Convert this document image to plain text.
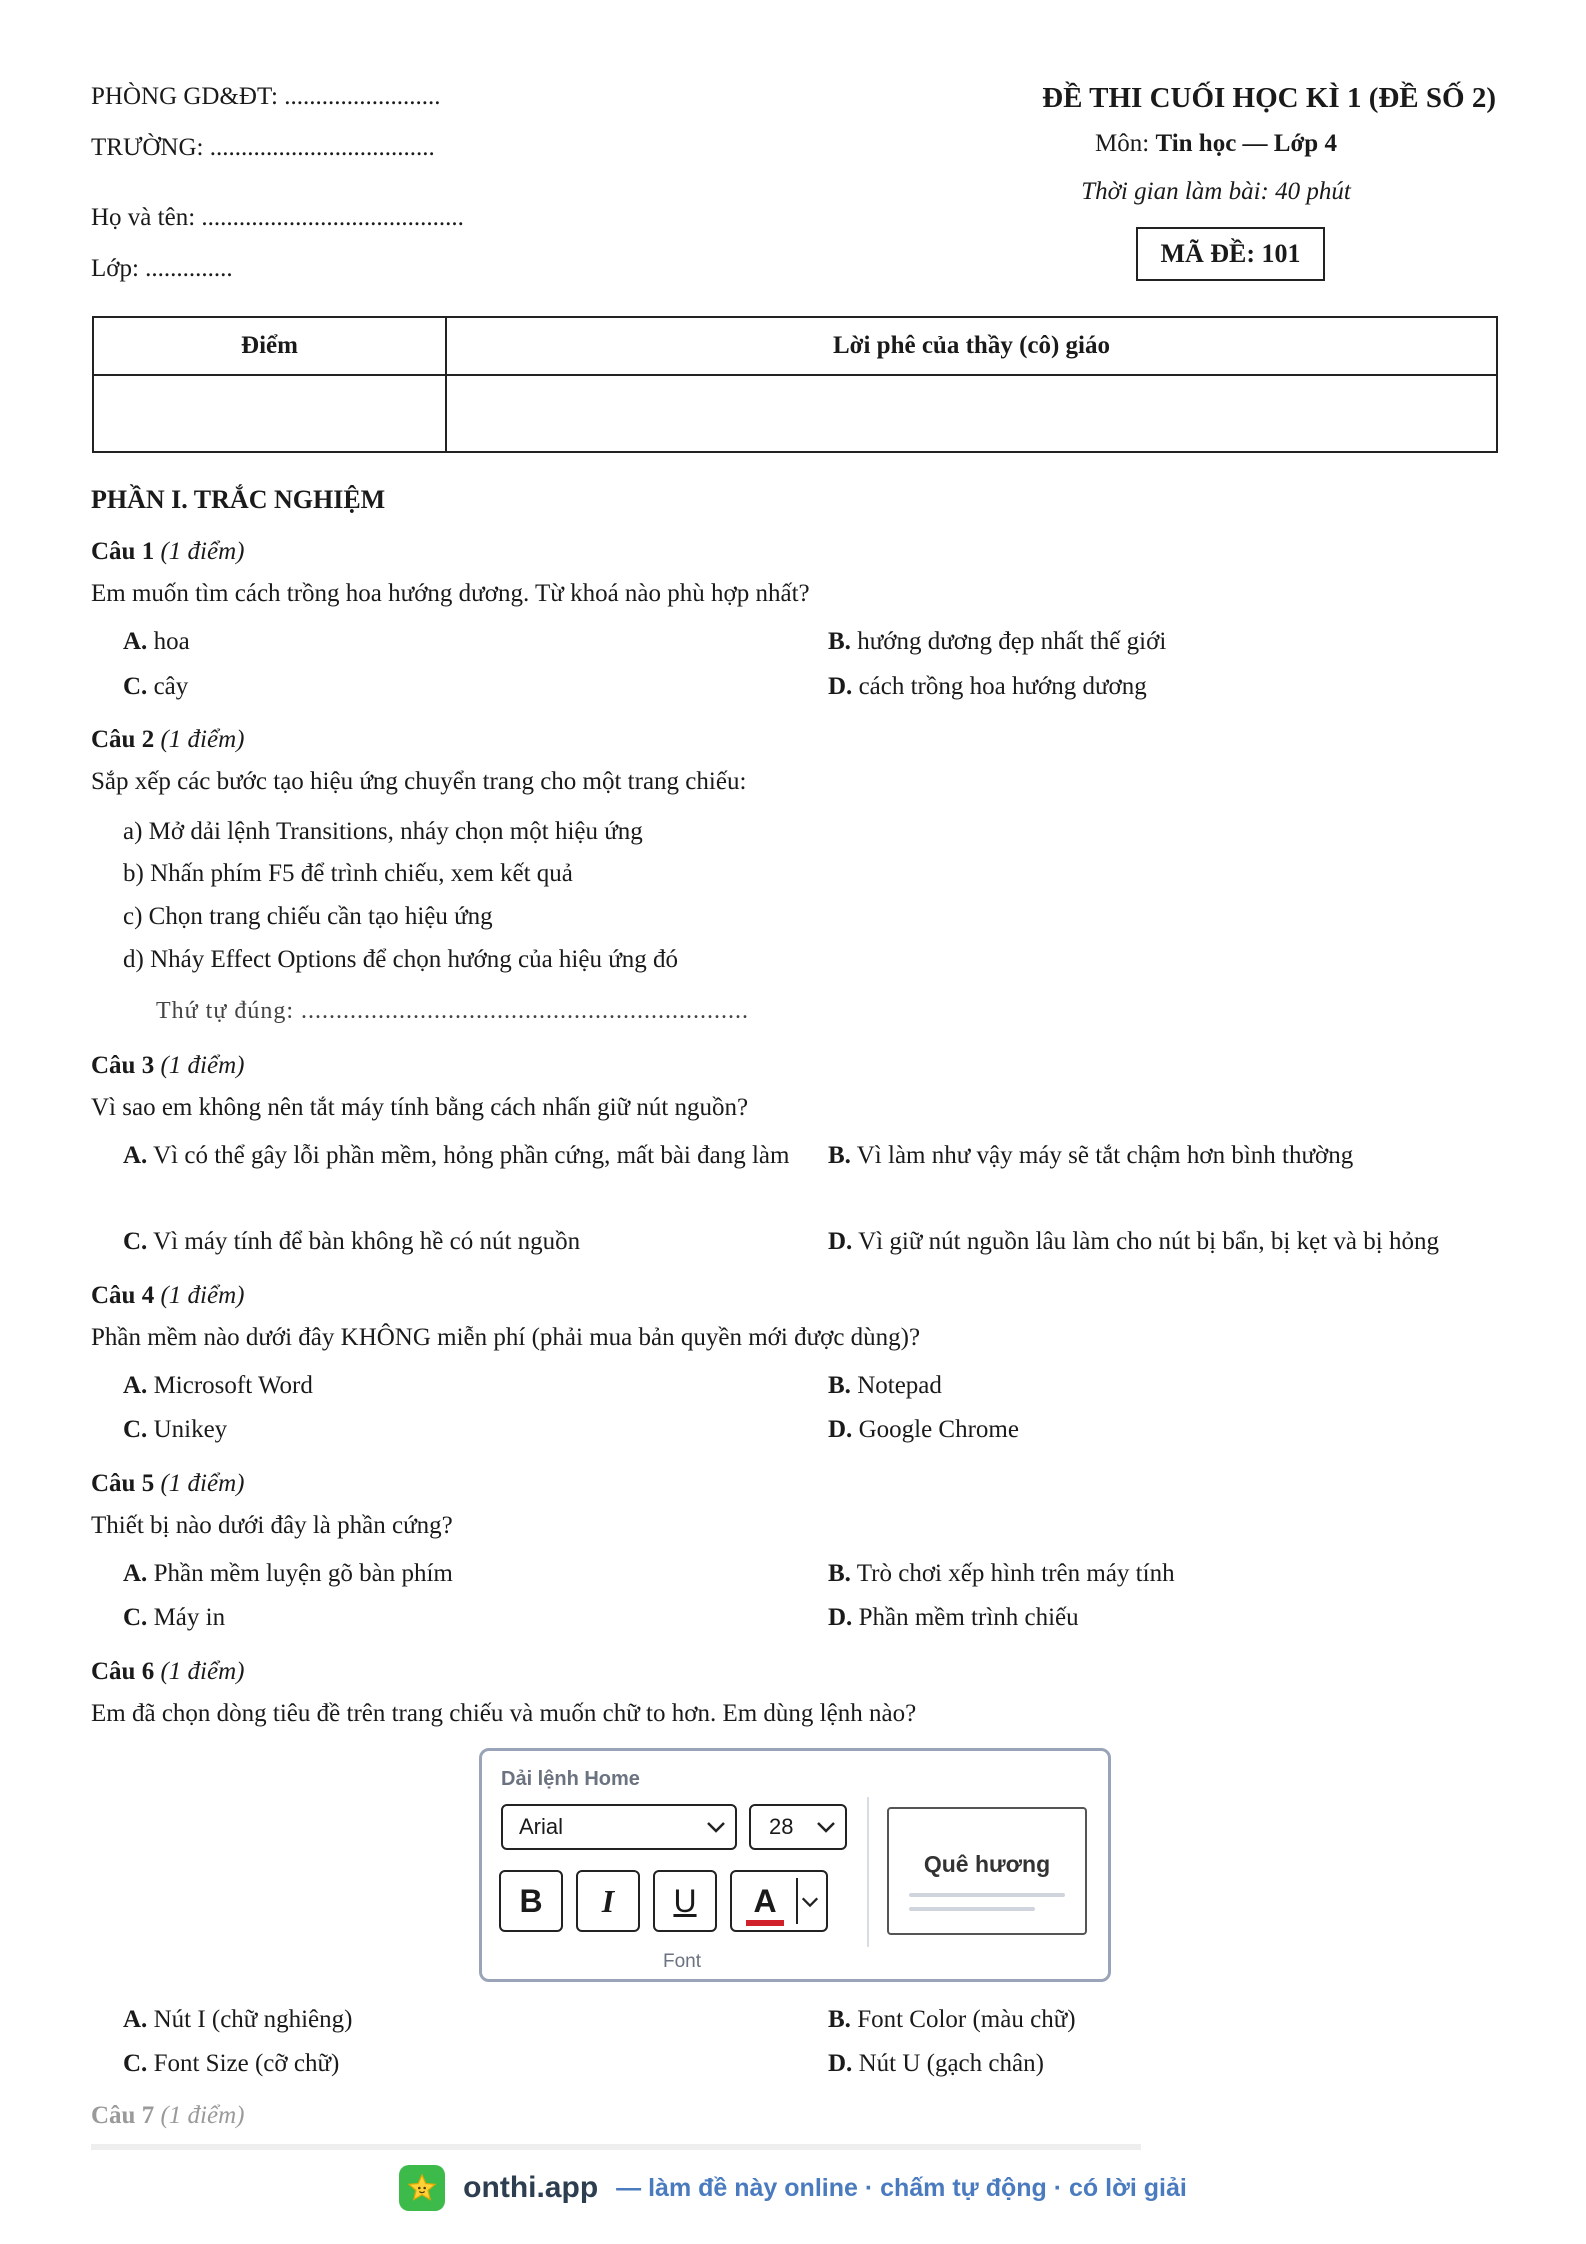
PHÒNG GD&ĐT: .........................
TRƯỜNG: ....................................
Họ và tên: ..........................................
Lớp: ..............
ĐỀ THI CUỐI HỌC KÌ 1 (ĐỀ SỐ 2)
Môn: Tin học — Lớp 4
Thời gian làm bài: 40 phút
MÃ ĐỀ: 101
Điểm	Lời phê của thầy (cô) giáo

PHẦN I. TRẮC NGHIỆM
Câu 1 (1 điểm)
Em muốn tìm cách trồng hoa hướng dương. Từ khoá nào phù hợp nhất?
A. hoa	B. hướng dương đẹp nhất thế giới
C. cây	D. cách trồng hoa hướng dương
Câu 2 (1 điểm)
Sắp xếp các bước tạo hiệu ứng chuyển trang cho một trang chiếu:
a) Mở dải lệnh Transitions, nháy chọn một hiệu ứng
b) Nhấn phím F5 để trình chiếu, xem kết quả
c) Chọn trang chiếu cần tạo hiệu ứng
d) Nháy Effect Options để chọn hướng của hiệu ứng đó
Thứ tự đúng: ................................................................
Câu 3 (1 điểm)
Vì sao em không nên tắt máy tính bằng cách nhấn giữ nút nguồn?
A. Vì có thể gây lỗi phần mềm, hỏng phần cứng, mất bài đang làm	B. Vì làm như vậy máy sẽ tắt chậm hơn bình thường
C. Vì máy tính để bàn không hề có nút nguồn	D. Vì giữ nút nguồn lâu làm cho nút bị bẩn, bị kẹt và bị hỏng
Câu 4 (1 điểm)
Phần mềm nào dưới đây KHÔNG miễn phí (phải mua bản quyền mới được dùng)?
A. Microsoft Word	B. Notepad
C. Unikey	D. Google Chrome
Câu 5 (1 điểm)
Thiết bị nào dưới đây là phần cứng?
A. Phần mềm luyện gõ bàn phím	B. Trò chơi xếp hình trên máy tính
C. Máy in	D. Phần mềm trình chiếu
Câu 6 (1 điểm)
Em đã chọn dòng tiêu đề trên trang chiếu và muốn chữ to hơn. Em dùng lệnh nào?
Dải lệnh Home
Arial	28
B I U A
Quê hương
Font
A. Nút I (chữ nghiêng)	B. Font Color (màu chữ)
C. Font Size (cỡ chữ)	D. Nút U (gạch chân)
Câu 7 (1 điểm)
onthi.app — làm đề này online · chấm tự động · có lời giải
